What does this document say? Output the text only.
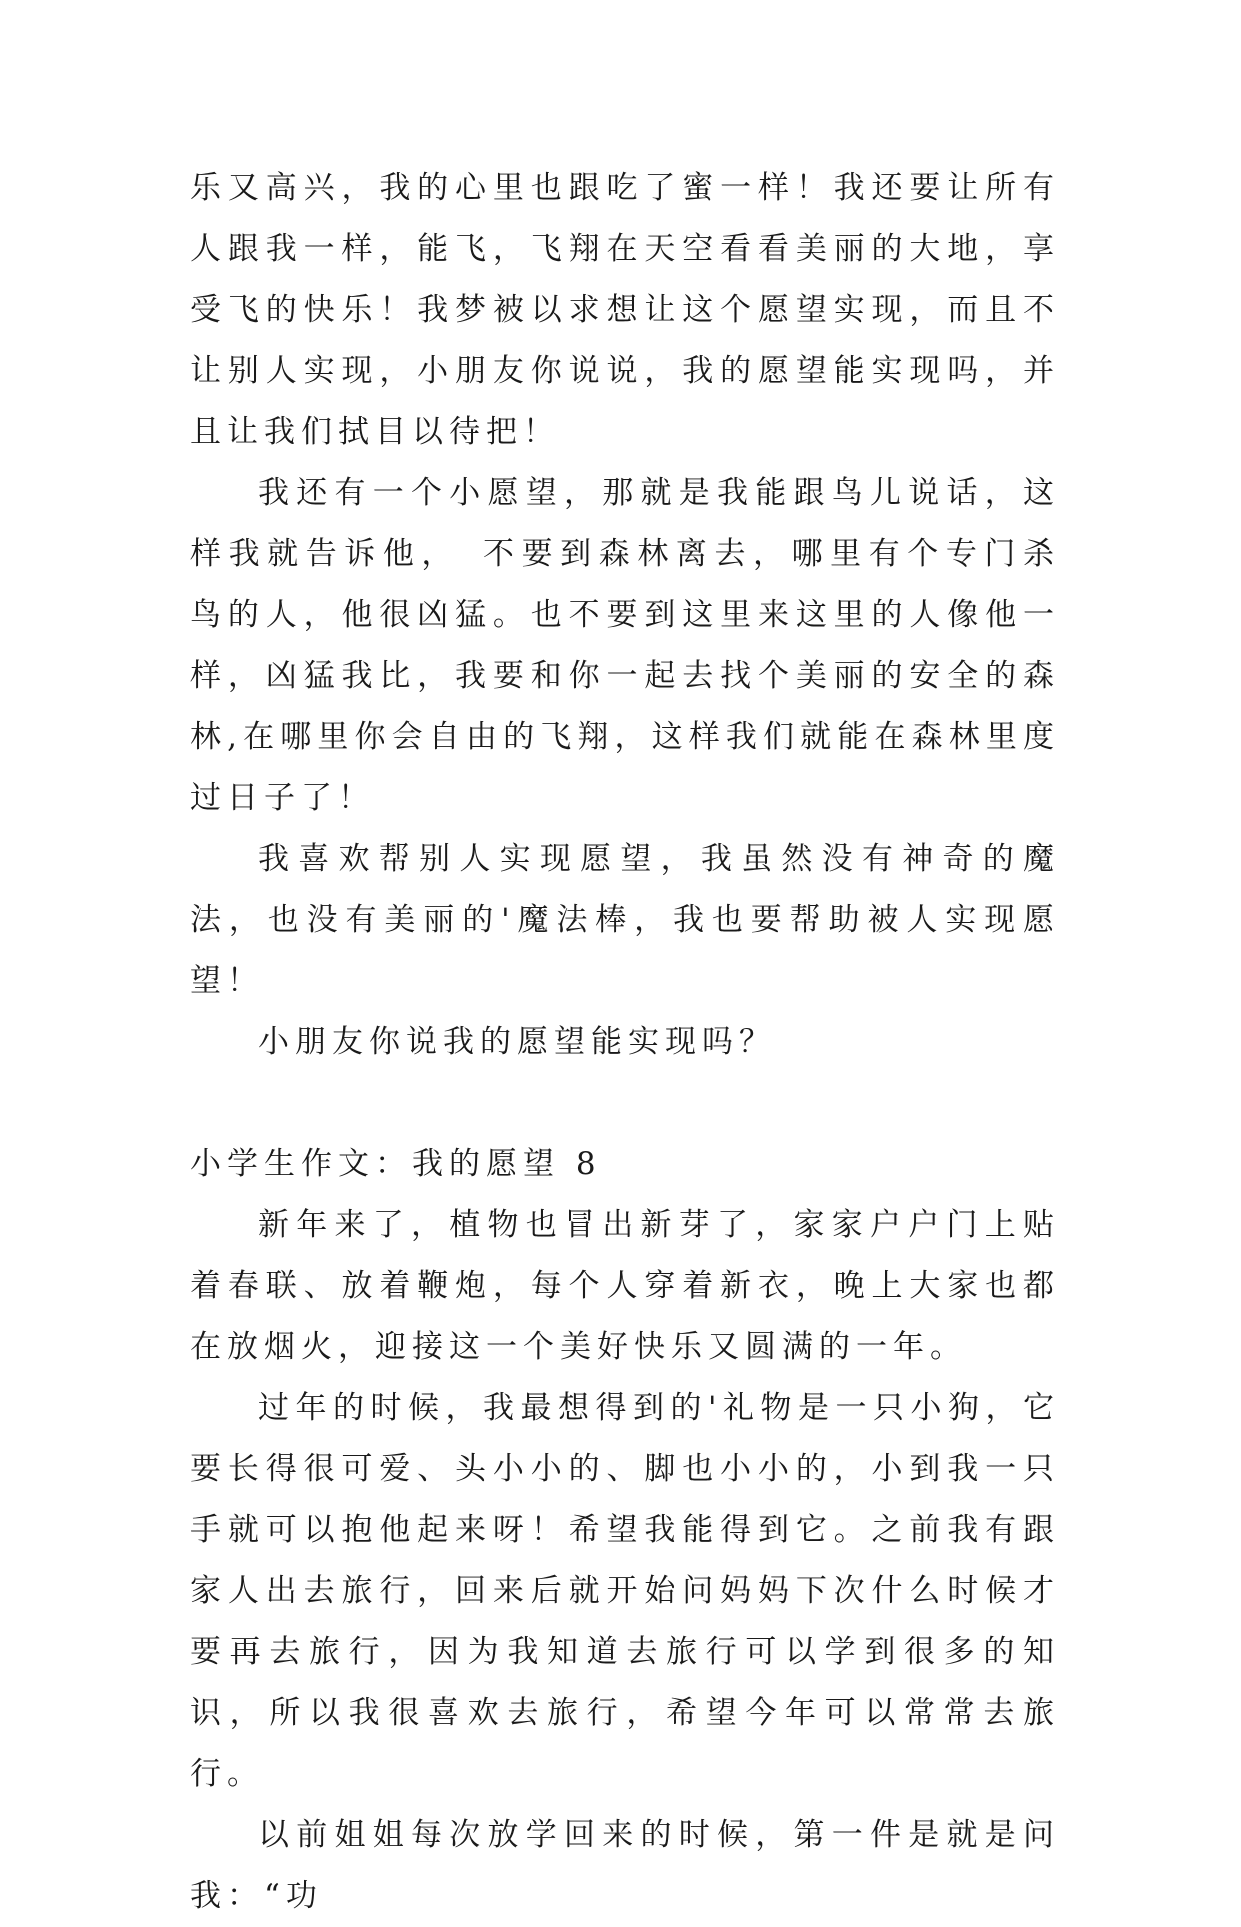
乐又高兴，我的心里也跟吃了蜜一样！我还要让所有人跟我一样，能飞，飞翔在天空看看美丽的大地，享受飞的快乐！我梦被以求想让这个愿望实现，而且不让别人实现，小朋友你说说，我的愿望能实现吗，并且让我们拭目以待把！

我还有一个小愿望，那就是我能跟鸟儿说话，这样我就告诉他，　不要到森林离去，哪里有个专门杀鸟的人，他很凶猛。也不要到这里来这里的人像他一样，凶猛我比，我要和你一起去找个美丽的安全的森林,在哪里你会自由的飞翔，这样我们就能在森林里度过日子了！

我喜欢帮别人实现愿望，我虽然没有神奇的魔法，也没有美丽的'魔法棒，我也要帮助被人实现愿望！

小朋友你说我的愿望能实现吗？

小学生作文：我的愿望 8

新年来了，植物也冒出新芽了，家家户户门上贴着春联、放着鞭炮，每个人穿着新衣，晚上大家也都在放烟火，迎接这一个美好快乐又圆满的一年。

过年的时候，我最想得到的'礼物是一只小狗，它要长得很可爱、头小小的、脚也小小的，小到我一只手就可以抱他起来呀！希望我能得到它。之前我有跟家人出去旅行，回来后就开始问妈妈下次什么时候才要再去旅行，因为我知道去旅行可以学到很多的知识，所以我很喜欢去旅行，希望今年可以常常去旅行。

以前姐姐每次放学回来的时候，第一件是就是问我：“功
